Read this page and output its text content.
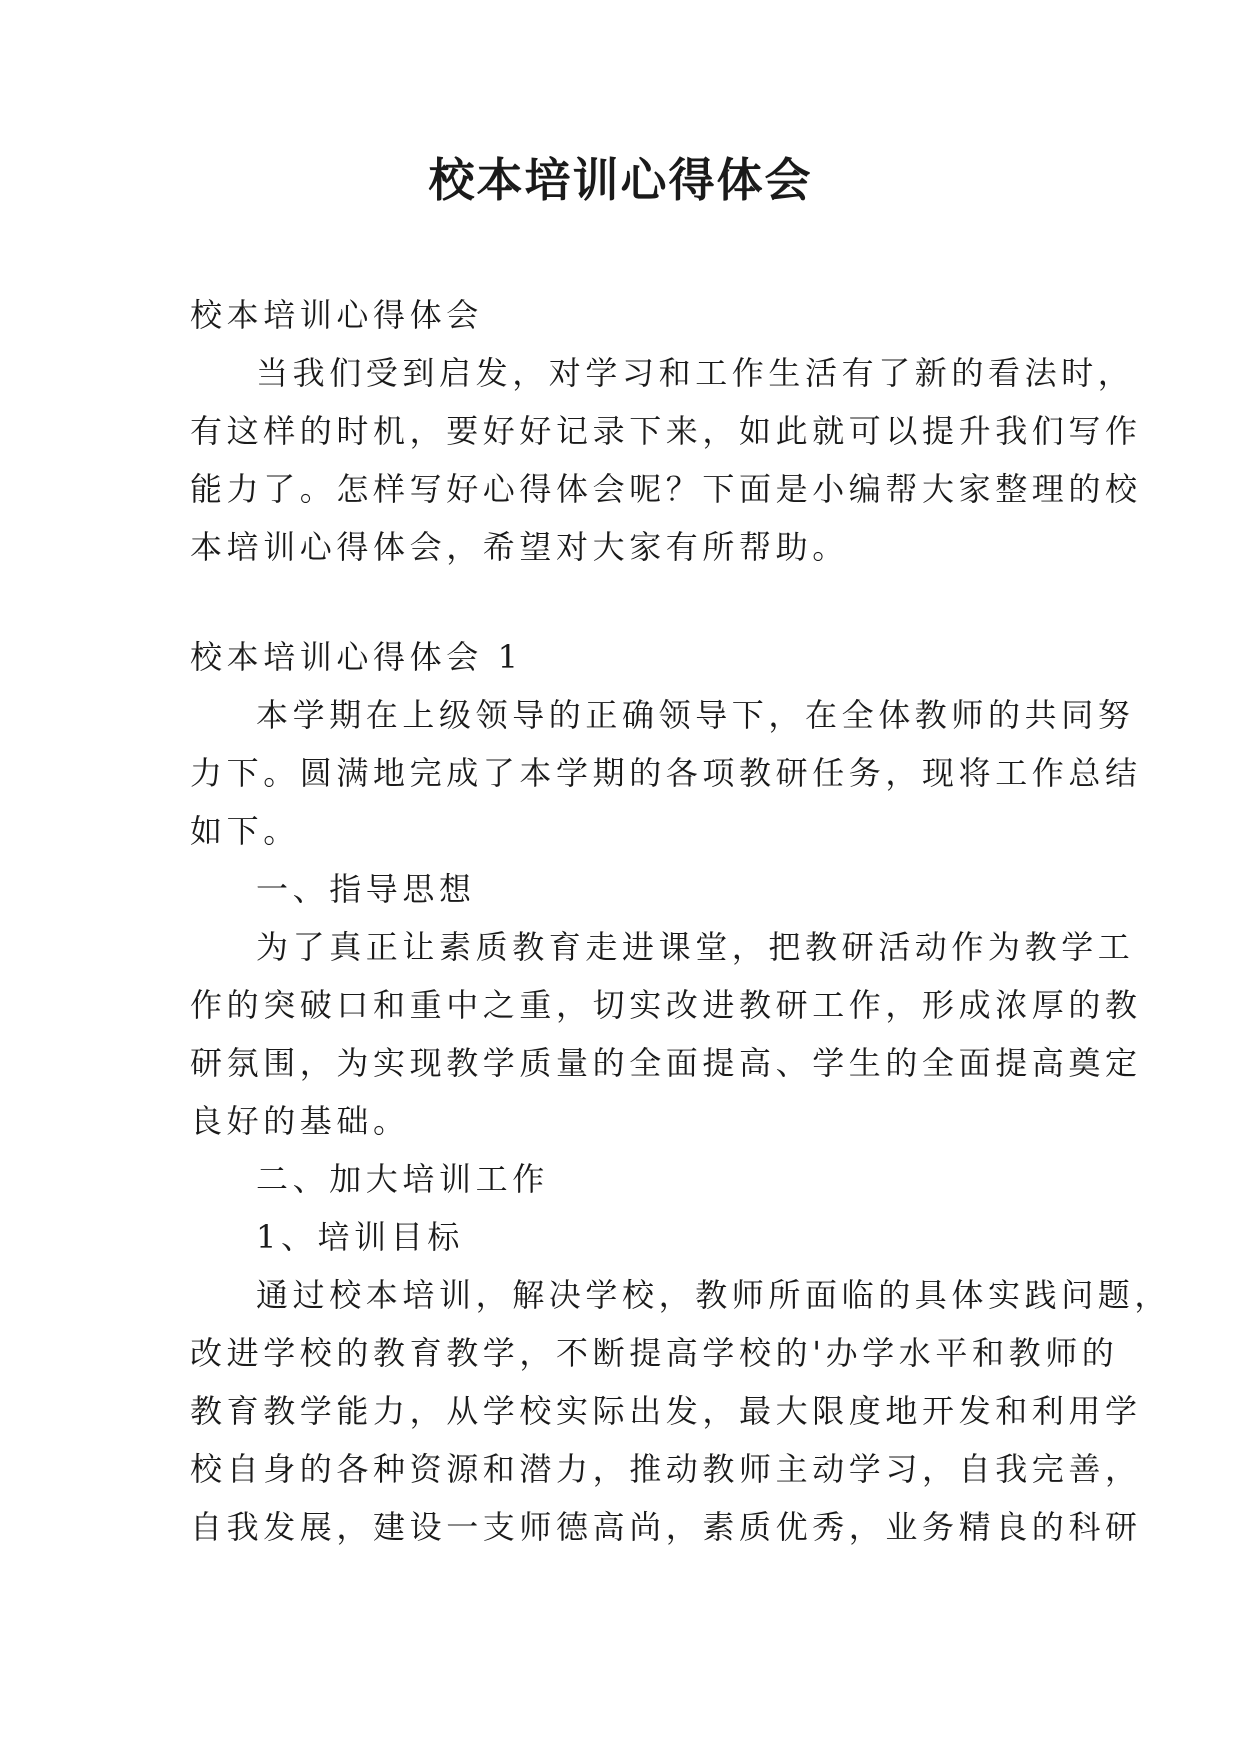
校本培训心得体会

校本培训心得体会

当我们受到启发，对学习和工作生活有了新的看法时，

有这样的时机，要好好记录下来，如此就可以提升我们写作

能力了。怎样写好心得体会呢？下面是小编帮大家整理的校

本培训心得体会，希望对大家有所帮助。

校本培训心得体会 1

本学期在上级领导的正确领导下，在全体教师的共同努

力下。圆满地完成了本学期的各项教研任务，现将工作总结

如下。

一、指导思想

为了真正让素质教育走进课堂，把教研活动作为教学工

作的突破口和重中之重，切实改进教研工作，形成浓厚的教

研氛围，为实现教学质量的全面提高、学生的全面提高奠定

良好的基础。

二、加大培训工作

1、培训目标

通过校本培训，解决学校，教师所面临的具体实践问题，

改进学校的教育教学，不断提高学校的'办学水平和教师的

教育教学能力，从学校实际出发，最大限度地开发和利用学

校自身的各种资源和潜力，推动教师主动学习，自我完善，

自我发展，建设一支师德高尚，素质优秀，业务精良的科研
